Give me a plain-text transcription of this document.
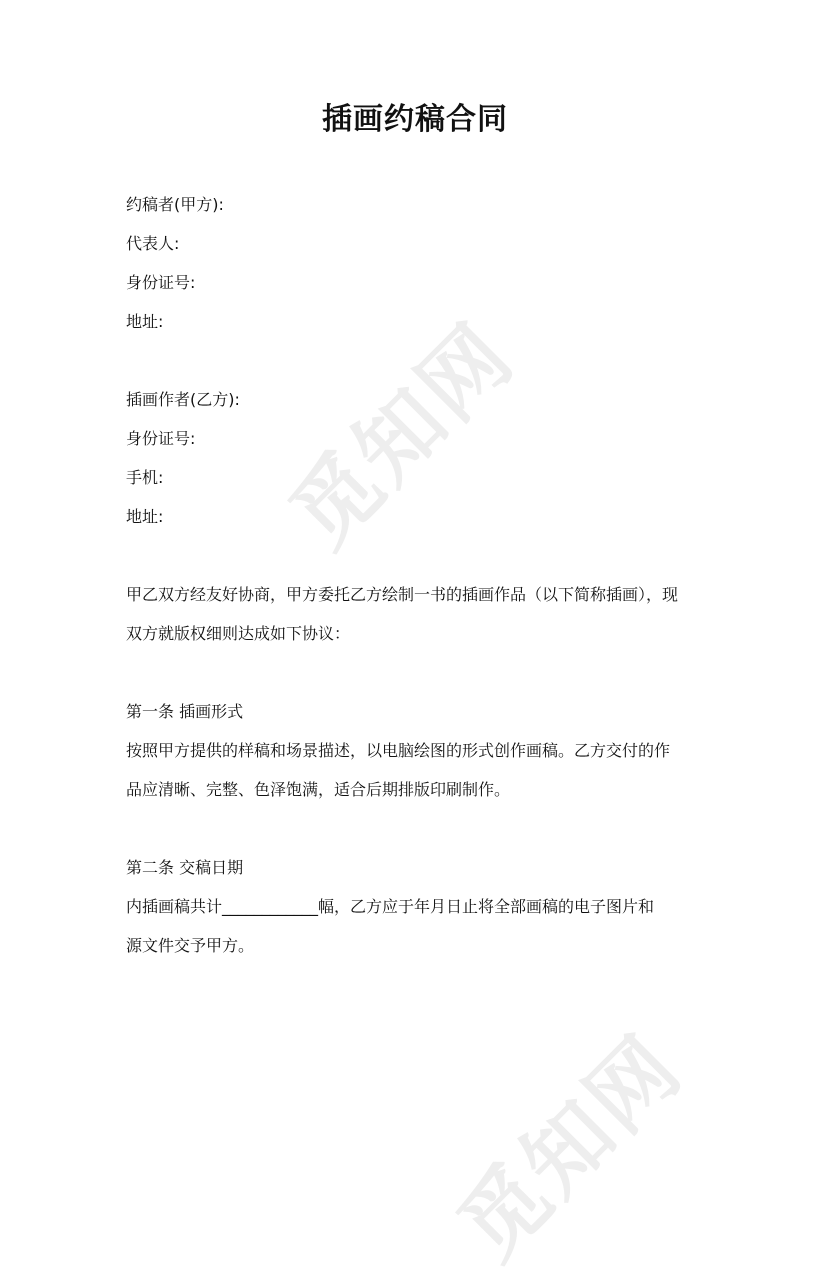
觅知网
觅知网
插画约稿合同
约稿者(甲方):
代表人:
身份证号:
地址:
插画作者(乙方):
身份证号:
手机:
地址:
甲乙双方经友好协商，甲方委托乙方绘制一书的插画作品（以下简称插画），现
双方就版权细则达成如下协议：
第一条 插画形式
按照甲方提供的样稿和场景描述，以电脑绘图的形式创作画稿。乙方交付的作
品应清晰、完整、色泽饱满，适合后期排版印刷制作。
第二条 交稿日期
内插画稿共计____________幅，乙方应于年月日止将全部画稿的电子图片和
源文件交予甲方。
